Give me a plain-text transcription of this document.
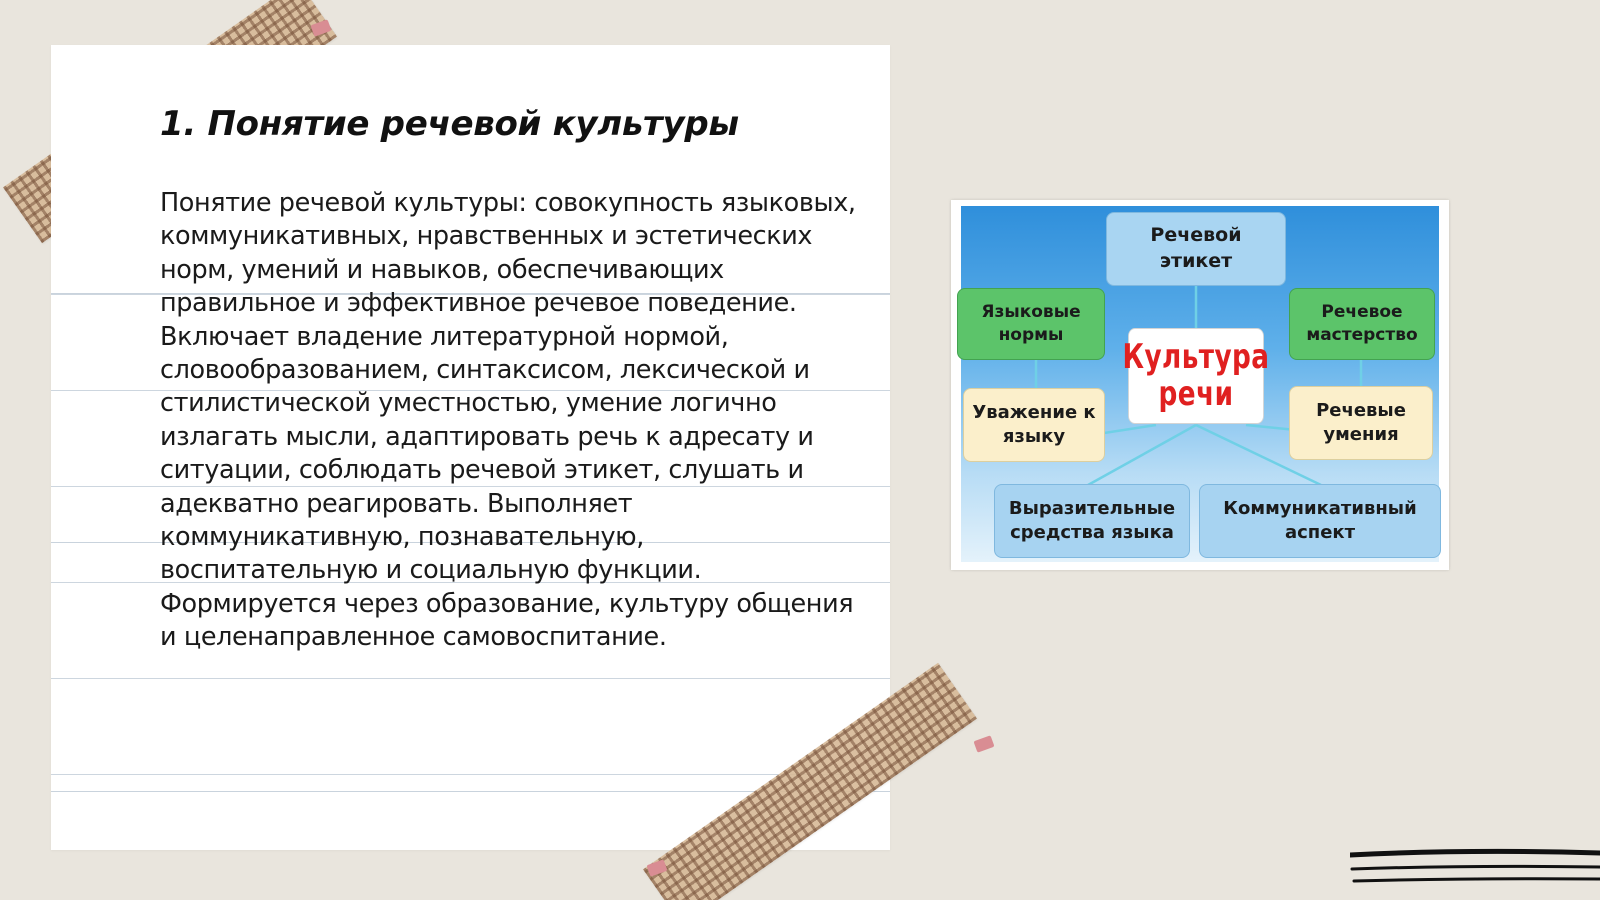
1. Понятие речевой культуры

Понятие речевой культуры: совокупность языковых, коммуникативных, нравственных и эстетических норм, умений и навыков, обеспечивающих правильное и эффективное речевое поведение. Включает владение литературной нормой, словообразованием, синтаксисом, лексической и стилистической уместностью, умение логично излагать мысли, адаптировать речь к адресату и ситуации, соблюдать речевой этикет, слушать и адекватно реагировать. Выполняет коммуникативную, познавательную, воспитательную и социальную функции. Формируется через образование, культуру общения и целенаправленное самовоспитание.

Речевой этикет
Языковые нормы
Речевое мастерство
Культура речи
Уважение к языку
Речевые умения
Выразительные средства языка
Коммуникативный аспект
